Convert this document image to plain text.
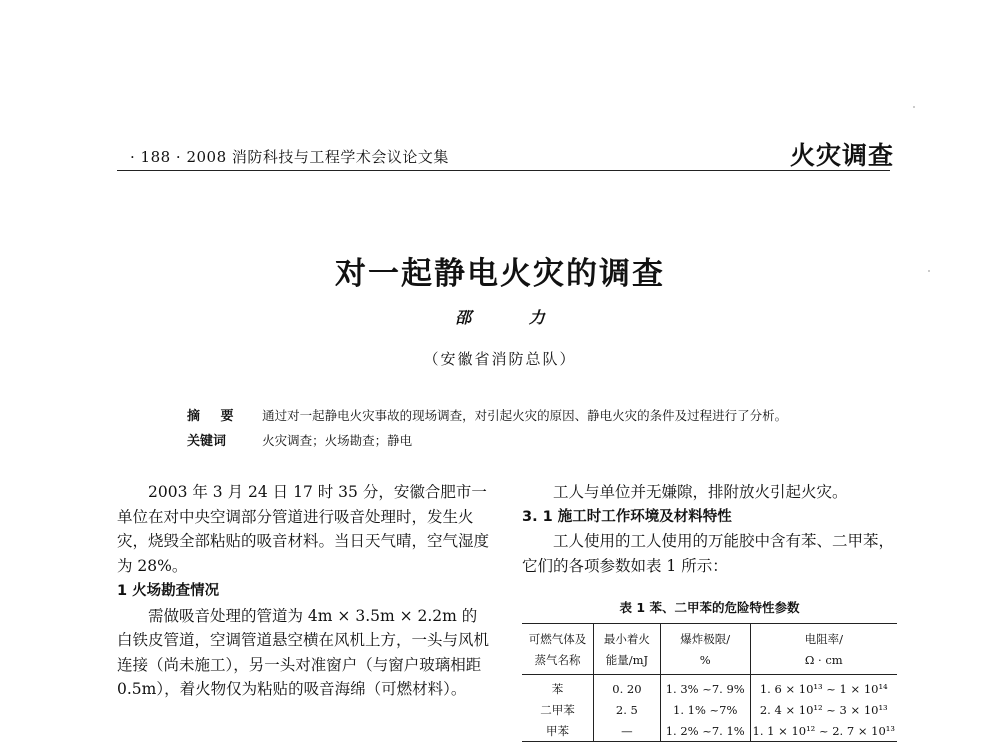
· 188 · 2008 消防科技与工程学术会议论文集	火灾调查
对一起静电火灾的调查
邵 力
（安徽省消防总队）
摘 要 通过对一起静电火灾事故的现场调查，对引起火灾的原因、静电火灾的条件及过程进行了分析。
关键词	火灾调查；火场勘查；静电

2003 年 3 月 24 日 17 时 35 分，安徽合肥市一单位在对中央空调部分管道进行吸音处理时，发生火灾，烧毁全部粘贴的吸音材料。当日天气晴，空气湿度为 28%。

1 火场勘查情况

需做吸音处理的管道为 4m × 3.5m × 2.2m 的白铁皮管道，空调管道悬空横在风机上方，一头与风机连接（尚未施工），另一头对准窗户（与窗户玻璃相距 0.5m），着火物仅为粘贴的吸音海绵（可燃材料）。

工人与单位并无嫌隙，排附放火引起火灾。

3. 1 施工时工作环境及材料特性

工人使用的工人使用的万能胶中含有苯、二甲苯，它们的各项参数如表 1 所示：

表 1 苯、二甲苯的危险特性参数
可燃气体及	最小着火	爆炸极限/	电阻率/
蒸气名称	能量/mJ	%	Ω · cm
苯	0. 20	1. 3% ~7. 9%	1. 6 × 10¹³ ~ 1 × 10¹⁴
二甲苯	2. 5	1. 1% ~7%	2. 4 × 10¹² ~ 3 × 10¹³
甲苯	—	1. 2% ~7. 1%	1. 1 × 10¹² ~ 2. 7 × 10¹³
